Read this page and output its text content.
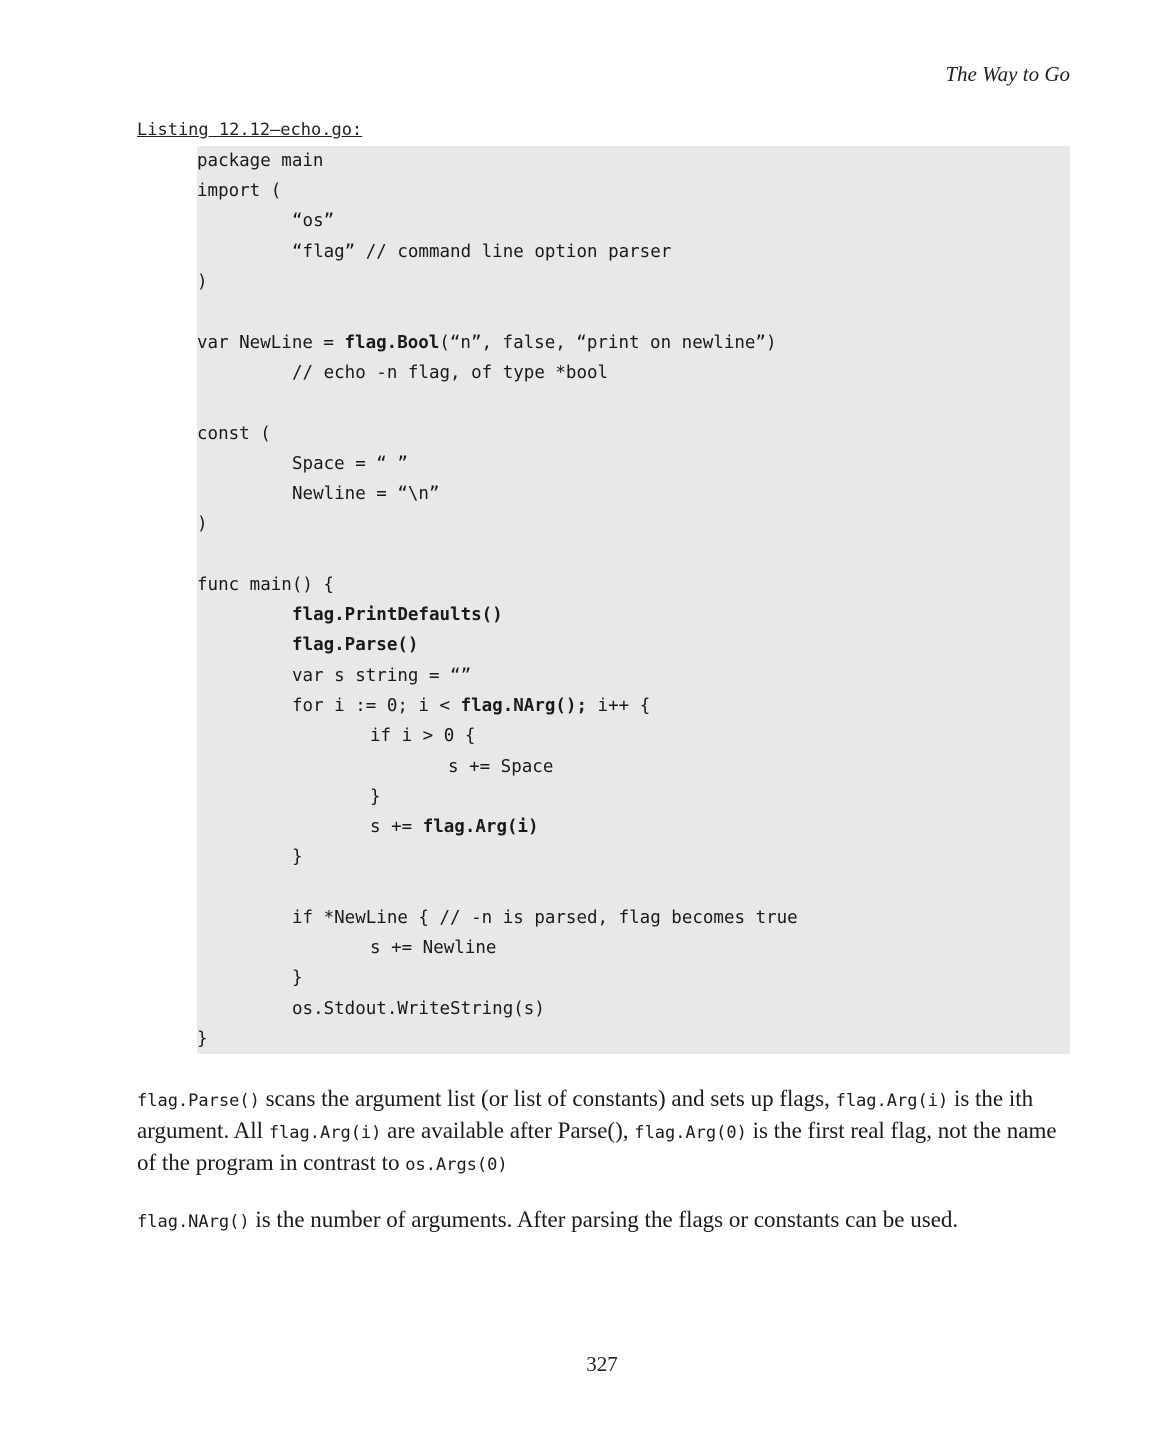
The Way to Go
Listing 12.12—echo.go:
package main
import (
“os”
“flag” // command line option parser
)
var NewLine = flag.Bool(“n”, false, “print on newline”)
// echo -n flag, of type *bool
const (
Space = “ ”
Newline = “\n”
)
func main() {
flag.PrintDefaults()
flag.Parse()
var s string = “”
for i := 0; i < flag.NArg(); i++ {
if i > 0 {
s += Space
}
s += flag.Arg(i)
}
if *NewLine { // -n is parsed, flag becomes true
s += Newline
}
os.Stdout.WriteString(s)
}
flag.Parse() scans the argument list (or list of constants) and sets up flags, flag.Arg(i) is the ith argument. All flag.Arg(i) are available after Parse(), flag.Arg(0) is the first real flag, not the name of the program in contrast to os.Args(0)
flag.NArg() is the number of arguments. After parsing the flags or constants can be used.
327
